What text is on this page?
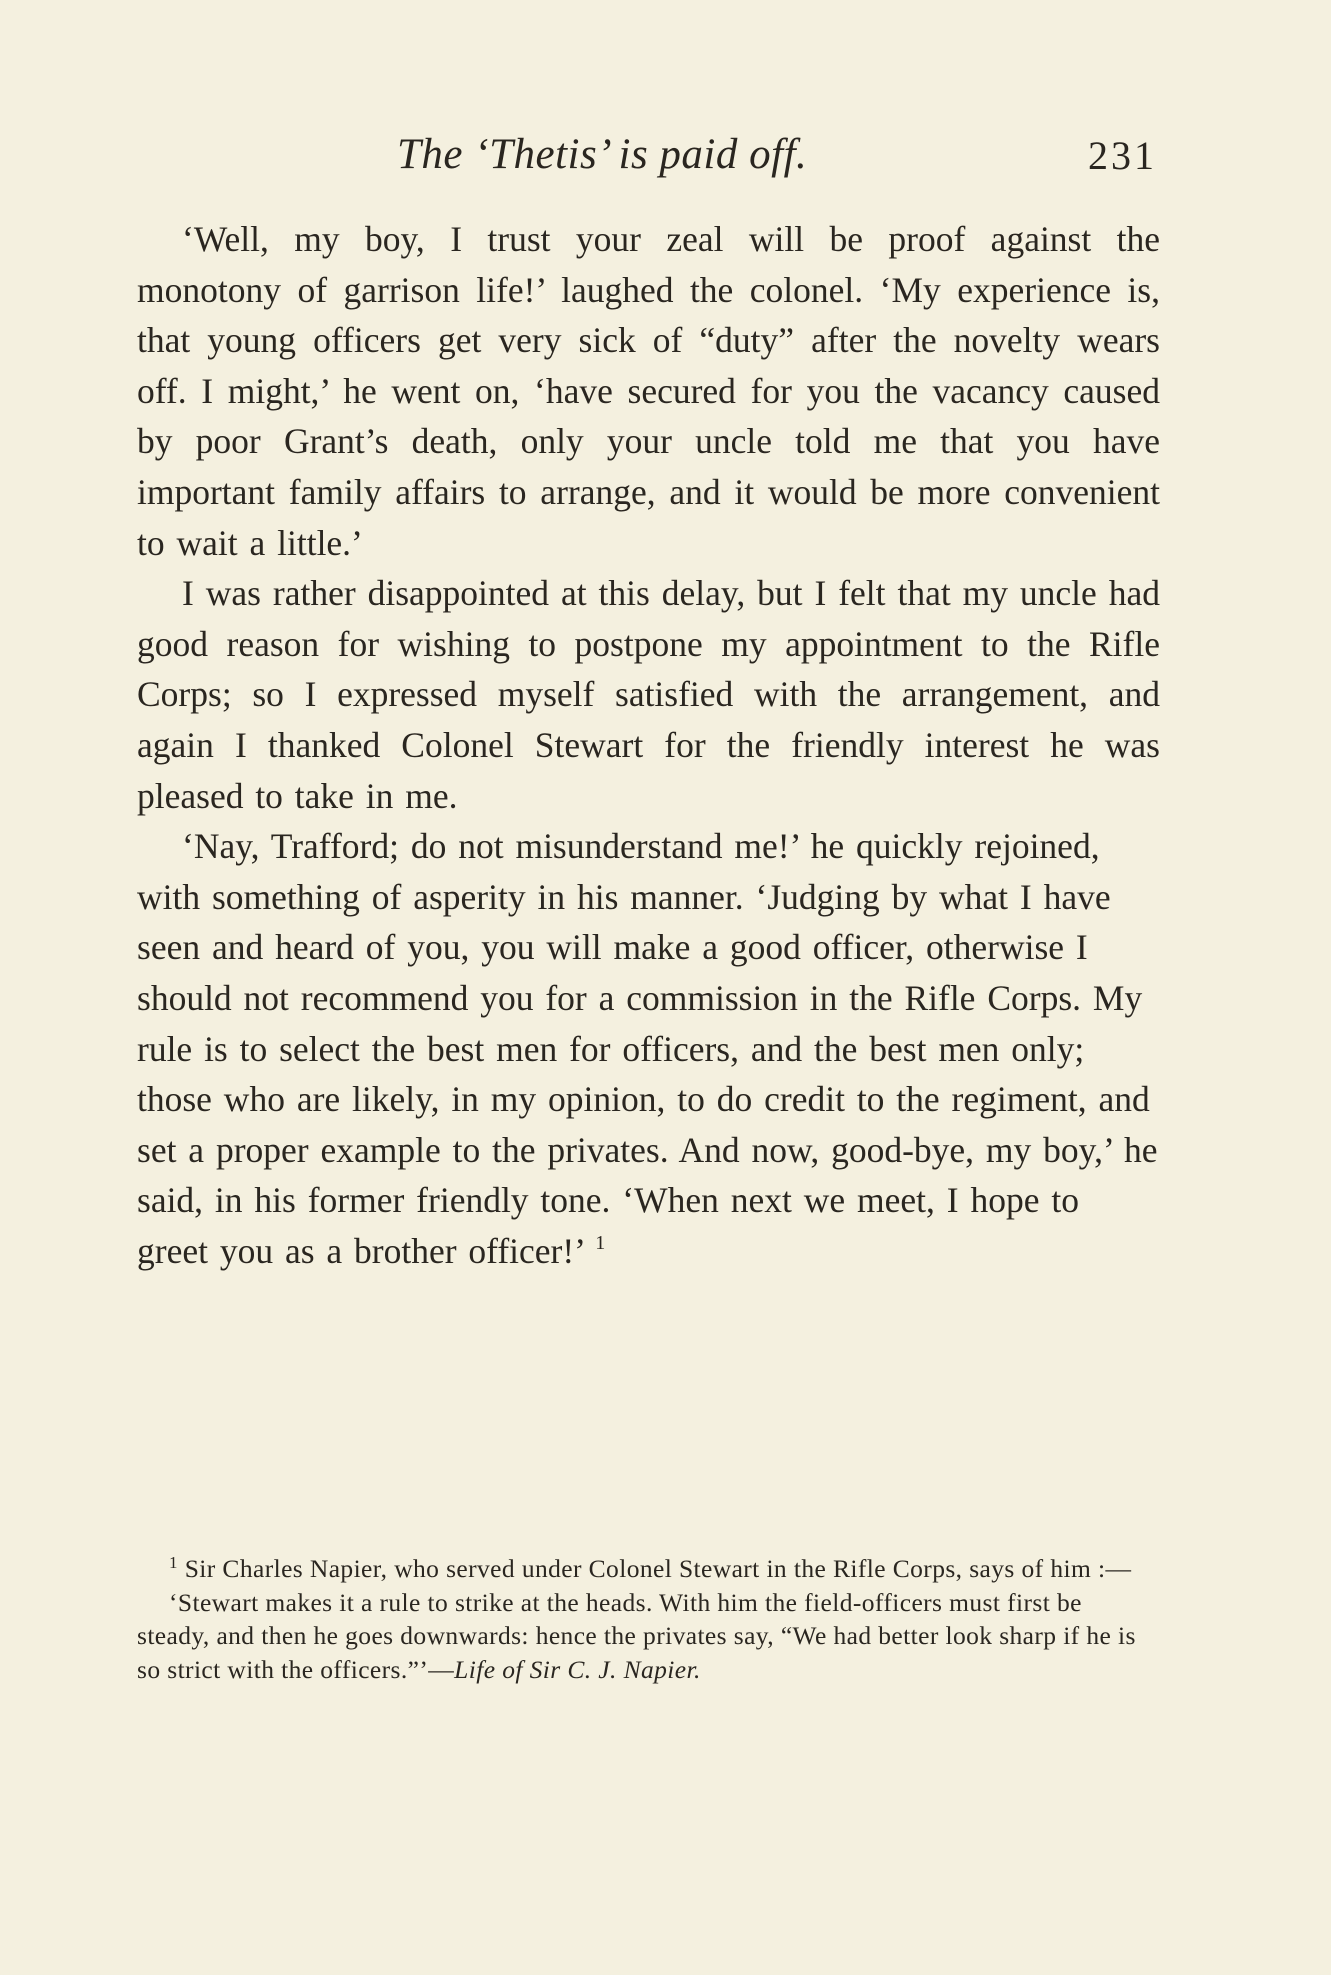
The ‘Thetis’ is paid off.	231

‘Well, my boy, I trust your zeal will be proof against the monotony of garrison life!’ laughed the colonel. ‘My experience is, that young officers get very sick of “duty” after the novelty wears off. I might,’ he went on, ‘have secured for you the vacancy caused by poor Grant’s death, only your uncle told me that you have important family affairs to arrange, and it would be more convenient to wait a little.’

I was rather disappointed at this delay, but I felt that my uncle had good reason for wishing to postpone my appointment to the Rifle Corps; so I expressed myself satisfied with the arrangement, and again I thanked Colonel Stewart for the friendly interest he was pleased to take in me.

‘Nay, Trafford; do not misunderstand me!’ he quickly rejoined, with something of asperity in his manner. ‘Judging by what I have seen and heard of you, you will make a good officer, otherwise I should not recommend you for a commission in the Rifle Corps. My rule is to select the best men for officers, and the best men only; those who are likely, in my opinion, to do credit to the regiment, and set a proper example to the privates. And now, good-bye, my boy,’ he said, in his former friendly tone. ‘When next we meet, I hope to greet you as a brother officer!’ $^1$

$^1$ Sir Charles Napier, who served under Colonel Stewart in the Rifle Corps, says of him :—

‘Stewart makes it a rule to strike at the heads. With him the field-officers must first be steady, and then he goes downwards: hence the privates say, “We had better look sharp if he is so strict with the officers.”’—Life of Sir C. J. Napier.
